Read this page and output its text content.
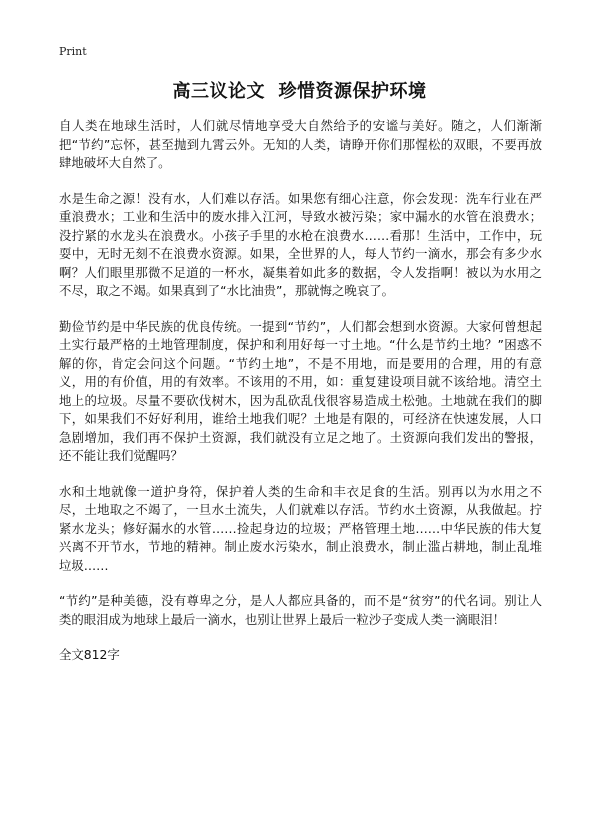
Print
高三议论文  珍惜资源保护环境

自人类在地球生活时，人们就尽情地享受大自然给予的安谧与美好。随之，人们渐渐把“节约”忘怀，甚至抛到九霄云外。无知的人类，请睁开你们那惺松的双眼，不要再放肆地破坏大自然了。

水是生命之源！没有水，人们难以存活。如果您有细心注意，你会发现：洗车行业在严重浪费水；工业和生活中的废水排入江河，导致水被污染；家中漏水的水管在浪费水；没拧紧的水龙头在浪费水。小孩子手里的水枪在浪费水……看那！生活中，工作中，玩耍中，无时无刻不在浪费水资源。如果，全世界的人，每人节约一滴水，那会有多少水啊？人们眼里那微不足道的一杯水，凝集着如此多的数据，令人发指啊！被以为水用之不尽，取之不竭。如果真到了“水比油贵”，那就悔之晚哀了。

勤俭节约是中华民族的优良传统。一提到“节约”，人们都会想到水资源。大家何曾想起土实行最严格的土地管理制度，保护和利用好每一寸土地。“什么是节约土地？”困惑不解的你，肯定会问这个问题。“节约土地”，不是不用地，而是要用的合理，用的有意义，用的有价值，用的有效率。不该用的不用，如：重复建设项目就不该给地。清空土地上的垃圾。尽量不要砍伐树木，因为乱砍乱伐很容易造成土松弛。土地就在我们的脚下，如果我们不好好利用，谁给土地我们呢？土地是有限的，可经济在快速发展，人口急剧增加，我们再不保护土资源，我们就没有立足之地了。土资源向我们发出的警报，还不能让我们觉醒吗？

水和土地就像一道护身符，保护着人类的生命和丰衣足食的生活。别再以为水用之不尽，土地取之不竭了，一旦水土流失，人们就难以存活。节约水土资源，从我做起。拧紧水龙头；修好漏水的水管……捡起身边的垃圾；严格管理土地……中华民族的伟大复兴离不开节水，节地的精神。制止废水污染水，制止浪费水，制止滥占耕地，制止乱堆垃圾……

“节约”是种美德，没有尊卑之分，是人人都应具备的，而不是“贫穷”的代名词。别让人类的眼泪成为地球上最后一滴水，也别让世界上最后一粒沙子变成人类一滴眼泪！

全文812字
